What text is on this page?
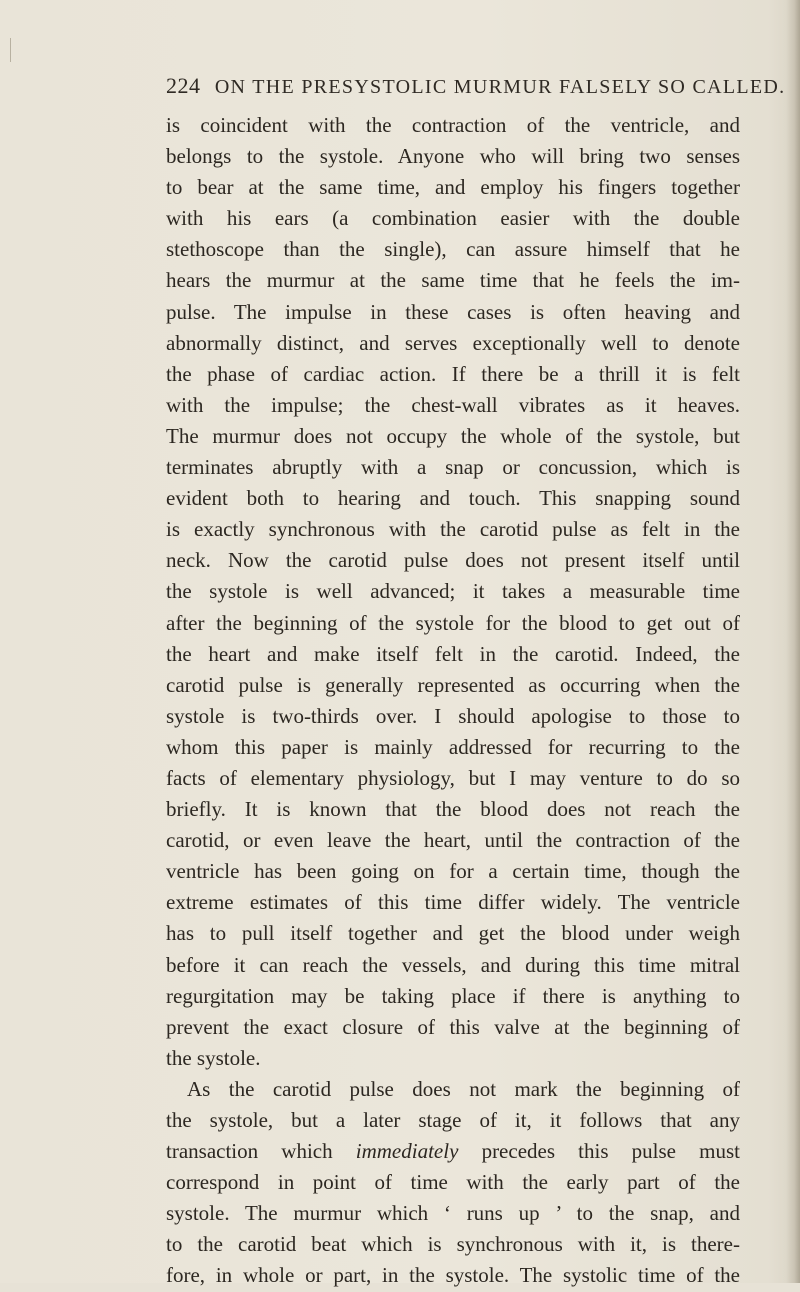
224 ON THE PRESYSTOLIC MURMUR FALSELY SO CALLED.
is coincident with the contraction of the ventricle, and
belongs to the systole. Anyone who will bring two senses
to bear at the same time, and employ his fingers together
with his ears (a combination easier with the double
stethoscope than the single), can assure himself that he
hears the murmur at the same time that he feels the im-
pulse. The impulse in these cases is often heaving and
abnormally distinct, and serves exceptionally well to denote
the phase of cardiac action. If there be a thrill it is felt
with the impulse; the chest-wall vibrates as it heaves.
The murmur does not occupy the whole of the systole, but
terminates abruptly with a snap or concussion, which is
evident both to hearing and touch. This snapping sound
is exactly synchronous with the carotid pulse as felt in the
neck. Now the carotid pulse does not present itself until
the systole is well advanced; it takes a measurable time
after the beginning of the systole for the blood to get out of
the heart and make itself felt in the carotid. Indeed, the
carotid pulse is generally represented as occurring when the
systole is two-thirds over. I should apologise to those to
whom this paper is mainly addressed for recurring to the
facts of elementary physiology, but I may venture to do so
briefly. It is known that the blood does not reach the
carotid, or even leave the heart, until the contraction of the
ventricle has been going on for a certain time, though the
extreme estimates of this time differ widely. The ventricle
has to pull itself together and get the blood under weigh
before it can reach the vessels, and during this time mitral
regurgitation may be taking place if there is anything to
prevent the exact closure of this valve at the beginning of
the systole.
As the carotid pulse does not mark the beginning of
the systole, but a later stage of it, it follows that any
transaction which immediately precedes this pulse must
correspond in point of time with the early part of the
systole. The murmur which ‘ runs up ’ to the snap, and
to the carotid beat which is synchronous with it, is there-
fore, in whole or part, in the systole. The systolic time of the
